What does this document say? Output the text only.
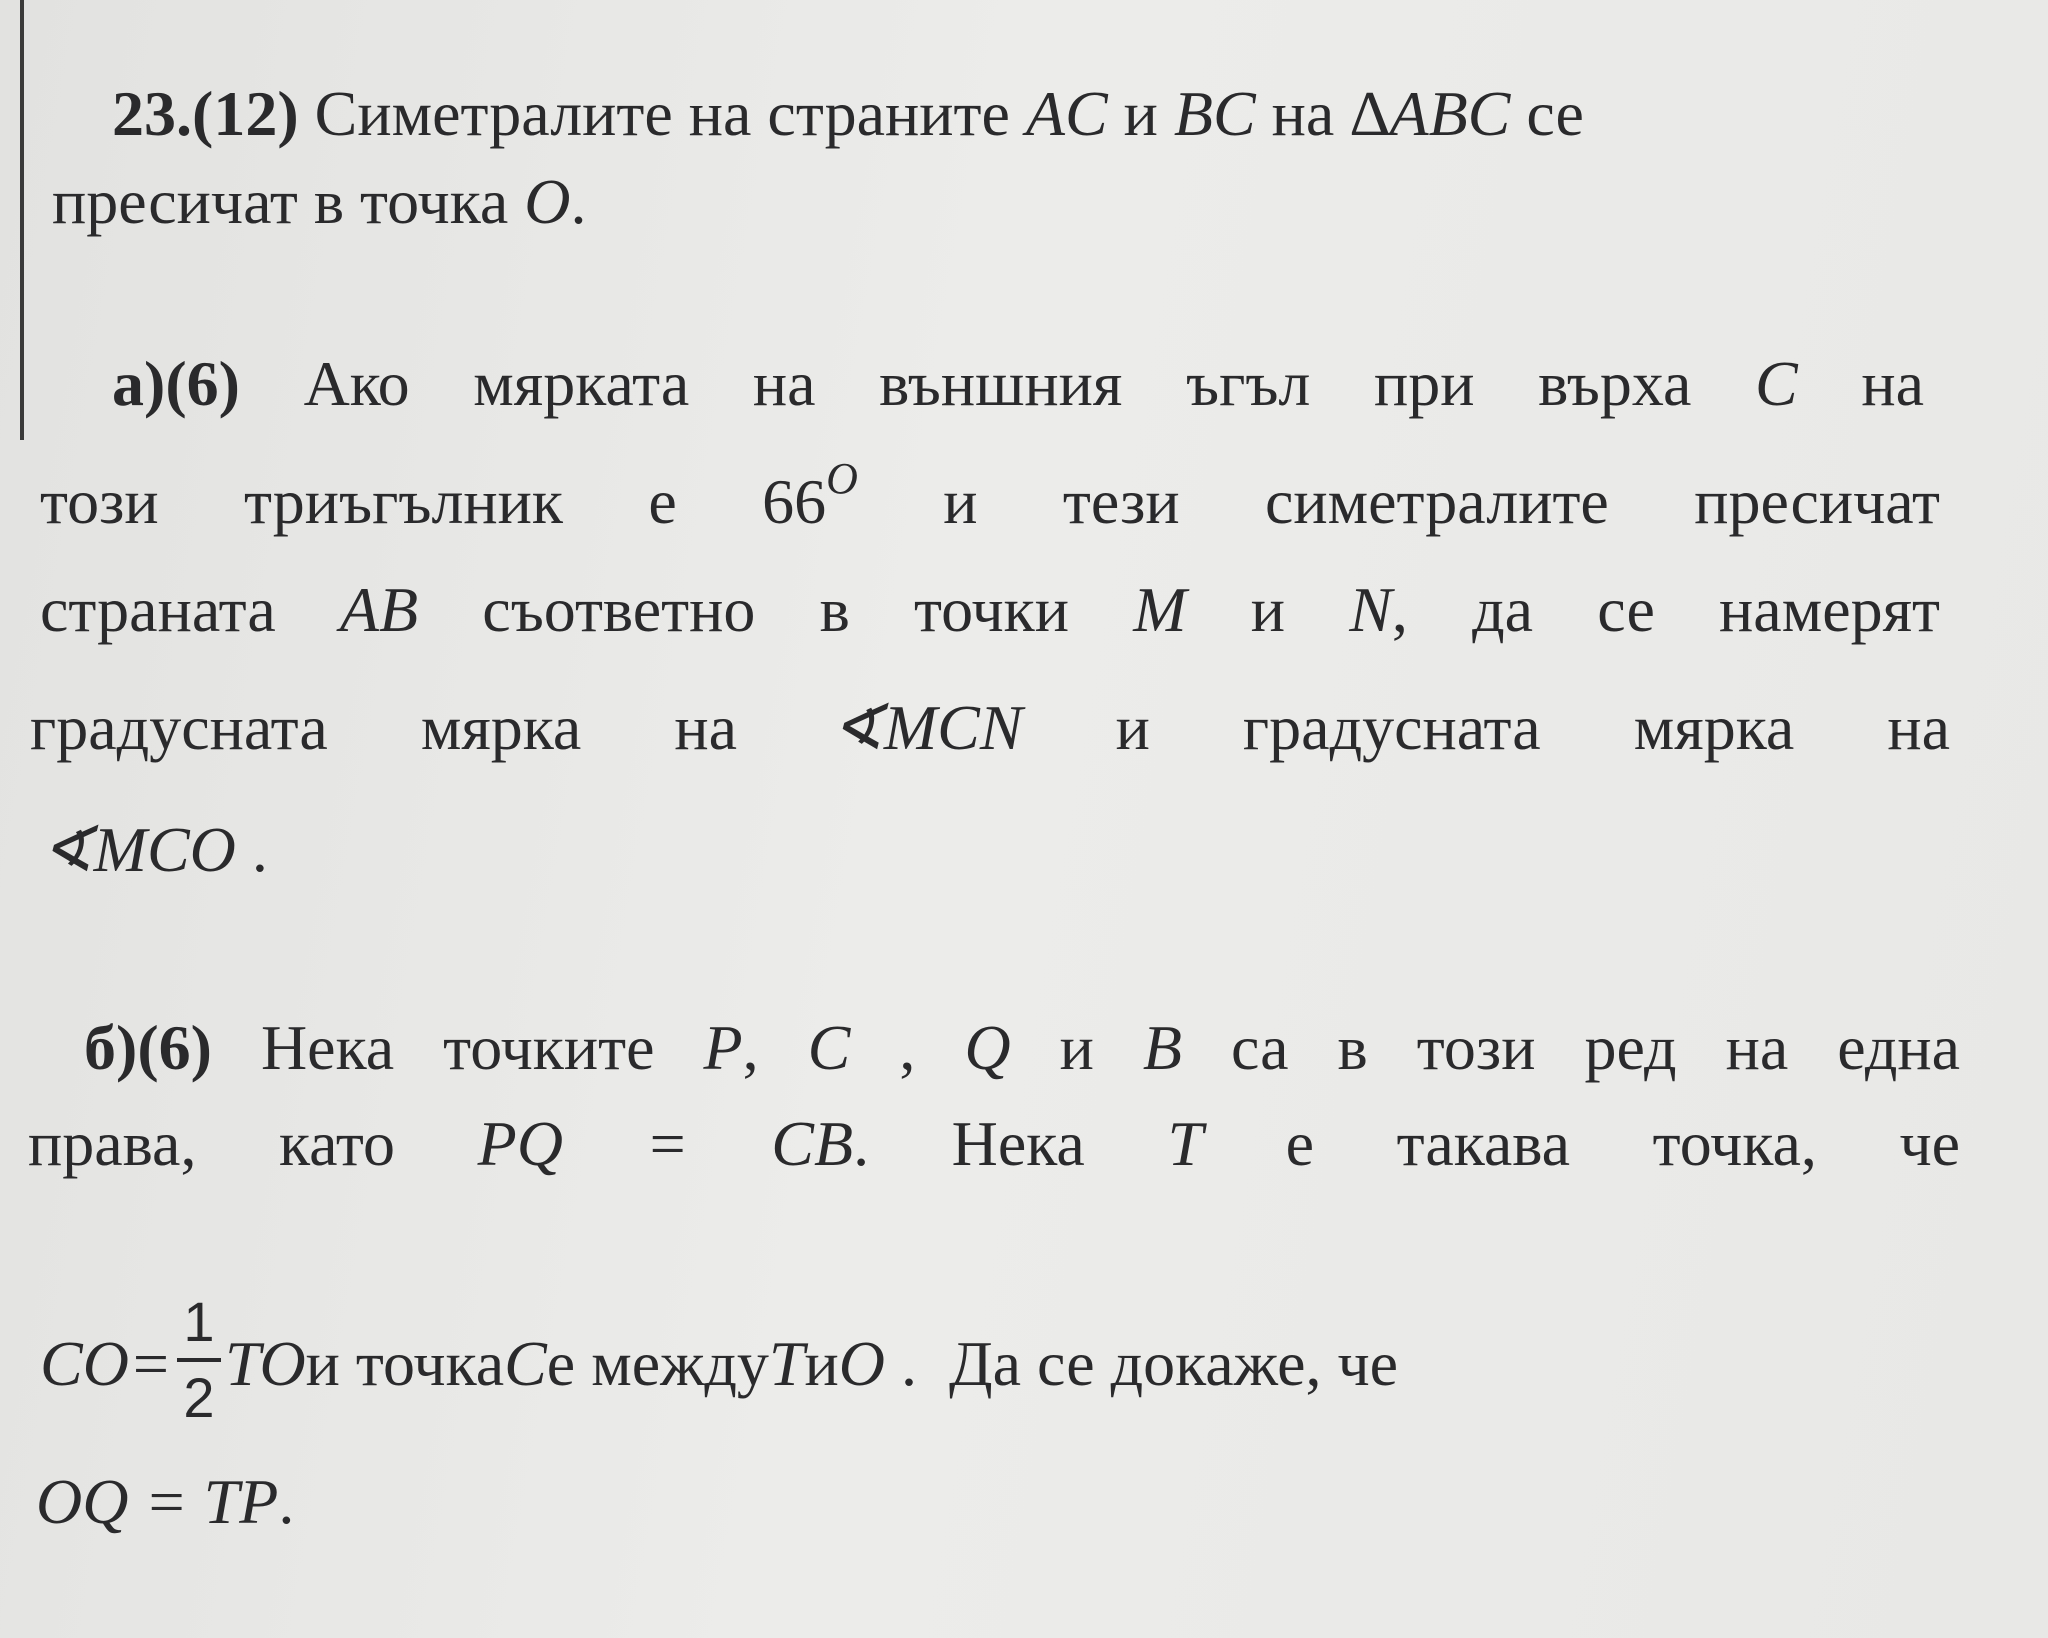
23.(12) Симетралите на страните AC и BC на ∆ABC се
пресичат в точка O.
а)(6) Ако мярката на външния ъгъл при върха C на
този триъгълник е $66^O$ и тези симетралите пресичат
страната AB съответно в точки M и N, да се намерят
градусната мярка на ∢MCN и градусната мярка на
∢MCO .
б)(6) Нека точките P, C , Q и B са в този ред на една
права, като PQ = CB. Нека T е такава точка, че
CO = $\frac{1}{2}$ TO и точка C е между T и O .  Да се докаже, че
OQ = TP.
